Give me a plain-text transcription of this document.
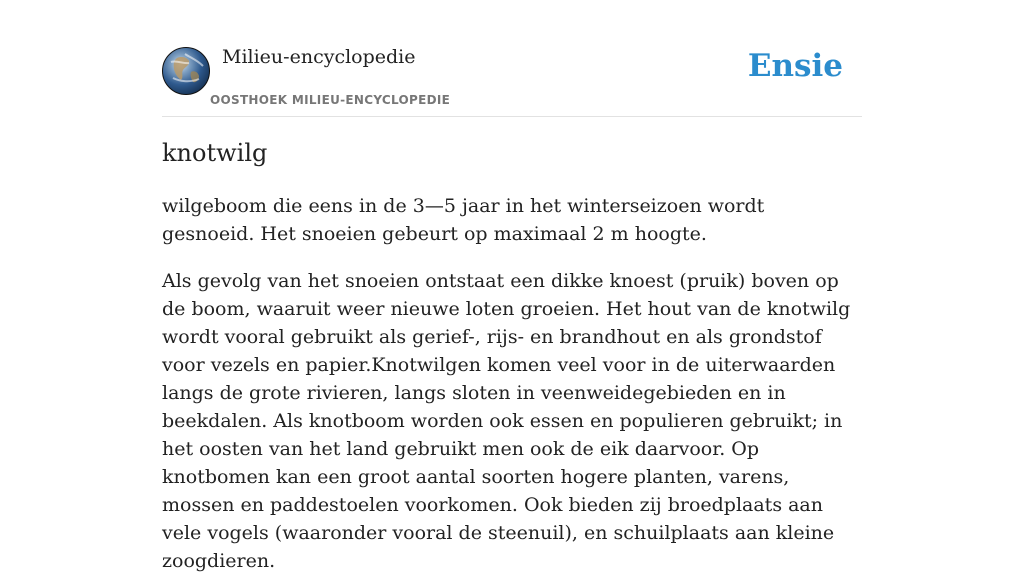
Milieu-encyclopedie
OOSTHOEK MILIEU-ENCYCLOPEDIE
Ensie
knotwilg

wilgeboom die eens in de 3—5 jaar in het winterseizoen wordt gesnoeid. Het snoeien gebeurt op maximaal 2 m hoogte.

Als gevolg van het snoeien ontstaat een dikke knoest (pruik) boven op de boom, waaruit weer nieuwe loten groeien. Het hout van de knotwilg wordt vooral gebruikt als gerief-, rijs- en brandhout en als grondstof voor vezels en papier.Knotwilgen komen veel voor in de uiterwaarden langs de grote rivieren, langs sloten in veenweidegebieden en in beekdalen. Als knotboom worden ook essen en populieren gebruikt; in het oosten van het land gebruikt men ook de eik daarvoor. Op knotbomen kan een groot aantal soorten hogere planten, varens, mossen en paddestoelen voorkomen. Ook bieden zij broedplaats aan vele vogels (waaronder vooral de steenuil), en schuilplaats aan kleine zoogdieren.
